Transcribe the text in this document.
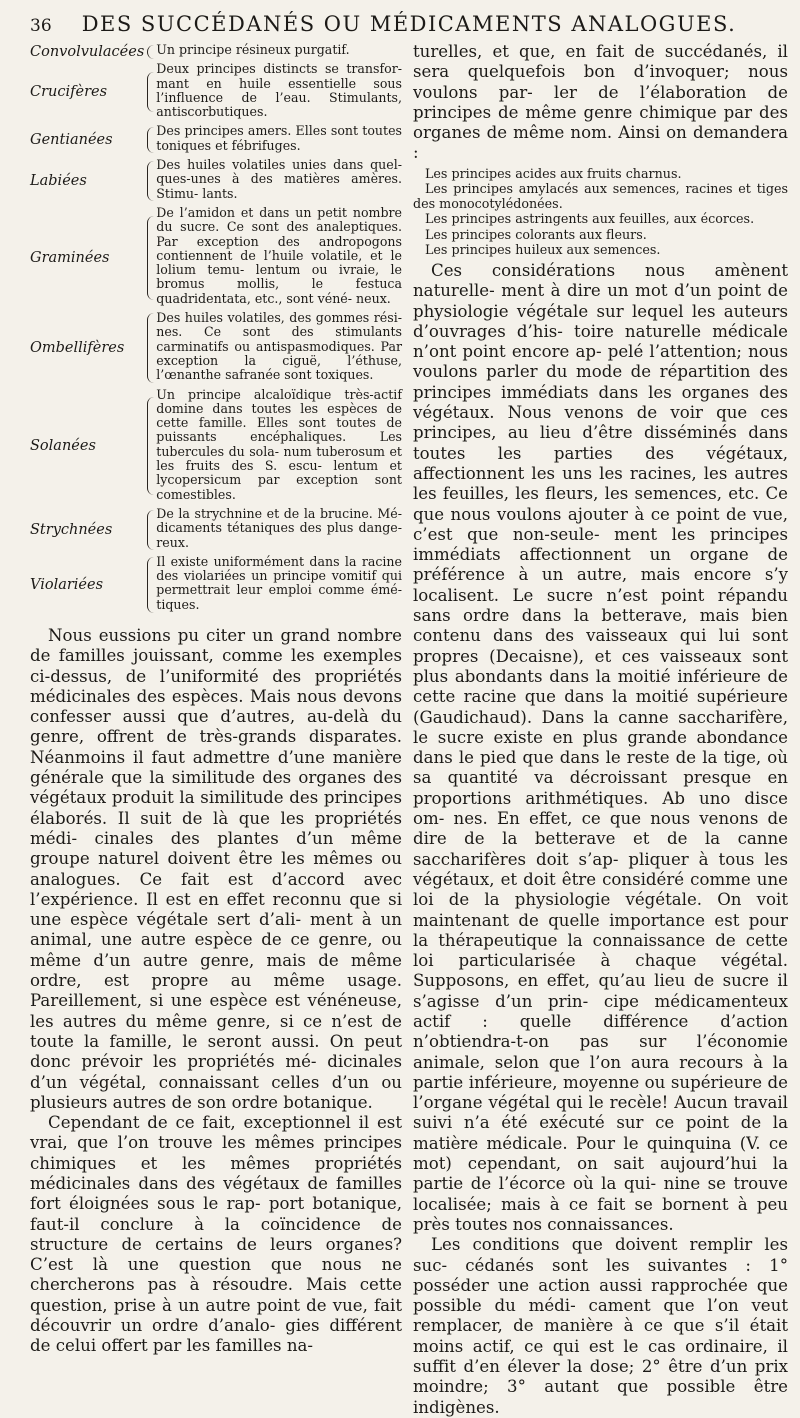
36	DES SUCCÉDANÉS OU MÉDICAMENTS ANALOGUES.
Convolvulacées		Un principe résineux purgatif.
Crucifères		Deux principes distincts se transfor- mant en huile essentielle sous l’influence de l’eau. Stimulants, antiscorbutiques.
Gentianées		Des principes amers. Elles sont toutes toniques et fébrifuges.
Labiées		Des huiles volatiles unies dans quel- ques-unes à des matières amères. Stimu- lants.
Graminées		De l’amidon et dans un petit nombre du sucre. Ce sont des analeptiques. Par exception des andropogons contiennent de l’huile volatile, et le lolium temu- lentum ou ivraie, le bromus mollis, le festuca quadridentata, etc., sont véné- neux.
Ombellifères		Des huiles volatiles, des gommes rési- nes. Ce sont des stimulants carminatifs ou antispasmodiques. Par exception la ciguë, l’éthuse, l’œnanthe safranée sont toxiques.
Solanées		Un principe alcaloïdique très-actif domine dans toutes les espèces de cette famille. Elles sont toutes de puissants encéphaliques. Les tubercules du sola- num tuberosum et les fruits des S. escu- lentum et lycopersicum par exception sont comestibles.
Strychnées		De la strychnine et de la brucine. Mé- dicaments tétaniques des plus dange- reux.
Violariées		Il existe uniformément dans la racine des violariées un principe vomitif qui permettrait leur emploi comme émé- tiques.

Nous eussions pu citer un grand nombre de familles jouissant, comme les exemples ci-dessus, de l’uniformité des propriétés médicinales des espèces. Mais nous devons confesser aussi que d’autres, au-delà du genre, offrent de très-grands disparates. Néanmoins il faut admettre d’une manière générale que la similitude des organes des végétaux produit la similitude des principes élaborés. Il suit de là que les propriétés médi- cinales des plantes d’un même groupe naturel doivent être les mêmes ou analogues. Ce fait est d’accord avec l’expérience. Il est en effet reconnu que si une espèce végétale sert d’ali- ment à un animal, une autre espèce de ce genre, ou même d’un autre genre, mais de même ordre, est propre au même usage. Pareillement, si une espèce est vénéneuse, les autres du même genre, si ce n’est de toute la famille, le seront aussi. On peut donc prévoir les propriétés mé- dicinales d’un végétal, connaissant celles d’un ou plusieurs autres de son ordre botanique.

Cependant de ce fait, exceptionnel il est vrai, que l’on trouve les mêmes principes chimiques et les mêmes propriétés médicinales dans des végétaux de familles fort éloignées sous le rap- port botanique, faut-il conclure à la coïncidence de structure de certains de leurs organes? C’est là une question que nous ne chercherons pas à résoudre. Mais cette question, prise à un autre point de vue, fait découvrir un ordre d’analo- gies différent de celui offert par les familles na-

turelles, et que, en fait de succédanés, il sera quelquefois bon d’invoquer; nous voulons par- ler de l’élaboration de principes de même genre chimique par des organes de même nom. Ainsi on demandera :

Les principes acides aux fruits charnus.
Les principes amylacés aux semences, racines et tiges des monocotylédonées.
Les principes astringents aux feuilles, aux écorces.
Les principes colorants aux fleurs.
Les principes huileux aux semences.

Ces considérations nous amènent naturelle- ment à dire un mot d’un point de physiologie végétale sur lequel les auteurs d’ouvrages d’his- toire naturelle médicale n’ont point encore ap- pelé l’attention; nous voulons parler du mode de répartition des principes immédiats dans les organes des végétaux. Nous venons de voir que ces principes, au lieu d’être disséminés dans toutes les parties des végétaux, affectionnent les uns les racines, les autres les feuilles, les fleurs, les semences, etc. Ce que nous voulons ajouter à ce point de vue, c’est que non-seule- ment les principes immédiats affectionnent un organe de préférence à un autre, mais encore s’y localisent. Le sucre n’est point répandu sans ordre dans la betterave, mais bien contenu dans des vaisseaux qui lui sont propres (Decaisne), et ces vaisseaux sont plus abondants dans la moitié inférieure de cette racine que dans la moitié supérieure (Gaudichaud). Dans la canne saccharifère, le sucre existe en plus grande abondance dans le pied que dans le reste de la tige, où sa quantité va décroissant presque en proportions arithmétiques. Ab uno disce om- nes. En effet, ce que nous venons de dire de la betterave et de la canne saccharifères doit s’ap- pliquer à tous les végétaux, et doit être considéré comme une loi de la physiologie végétale. On voit maintenant de quelle importance est pour la thérapeutique la connaissance de cette loi particularisée à chaque végétal. Supposons, en effet, qu’au lieu de sucre il s’agisse d’un prin- cipe médicamenteux actif : quelle différence d’action n’obtiendra-t-on pas sur l’économie animale, selon que l’on aura recours à la partie inférieure, moyenne ou supérieure de l’organe végétal qui le recèle! Aucun travail suivi n’a été exécuté sur ce point de la matière médicale. Pour le quinquina (V. ce mot) cependant, on sait aujourd’hui la partie de l’écorce où la qui- nine se trouve localisée; mais à ce fait se bornent à peu près toutes nos connaissances.

Les conditions que doivent remplir les suc- cédanés sont les suivantes : 1° posséder une action aussi rapprochée que possible du médi- cament que l’on veut remplacer, de manière à ce que s’il était moins actif, ce qui est le cas ordinaire, il suffit d’en élever la dose; 2° être d’un prix moindre; 3° autant que possible être indigènes.
